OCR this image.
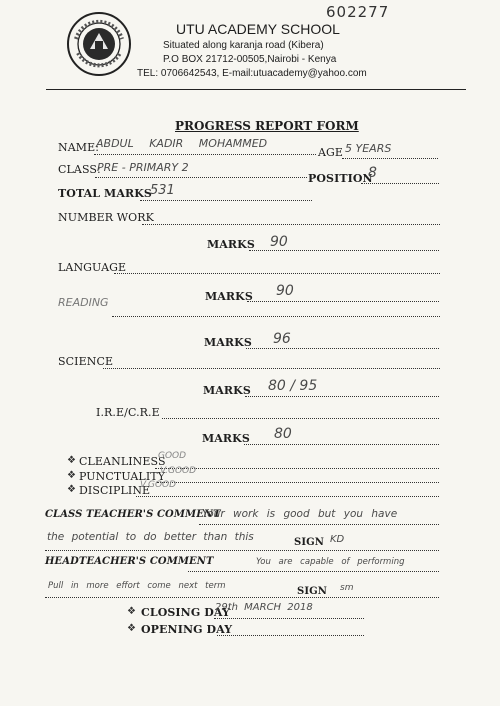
602277
UTU ACADEMY SCHOOL
Situated along karanja road (Kibera)
P.O BOX 21712-00505,Nairobi - Kenya
TEL: 0706642543, E-mail:utuacademy@yahoo.com
PROGRESS REPORT FORM
NAME:
ABDUL KADIR MOHAMMED
AGE 5 YEARS
CLASS:
PRE - PRIMARY 2
POSITION
8
TOTAL MARKS
531
NUMBER WORK
MARKS 90
LANGUAGE
MARKS 90
READING
MARKS 96
SCIENCE
MARKS 80 / 95
I.R.E/C.R.E
MARKS 80
❖ CLEANLINESS
GOOD
❖ PUNCTUALITY
V.GOOD
❖ DISCIPLINE
V.GOOD
CLASS TEACHER'S COMMENT
Your work is good but you have
the potential to do better than this	SIGN KD
HEADTEACHER'S COMMENT	You are capable of performing
Pull in more effort come next term	SIGN sm
❖ CLOSING DAY
29th MARCH 2018
❖ OPENING DAY
